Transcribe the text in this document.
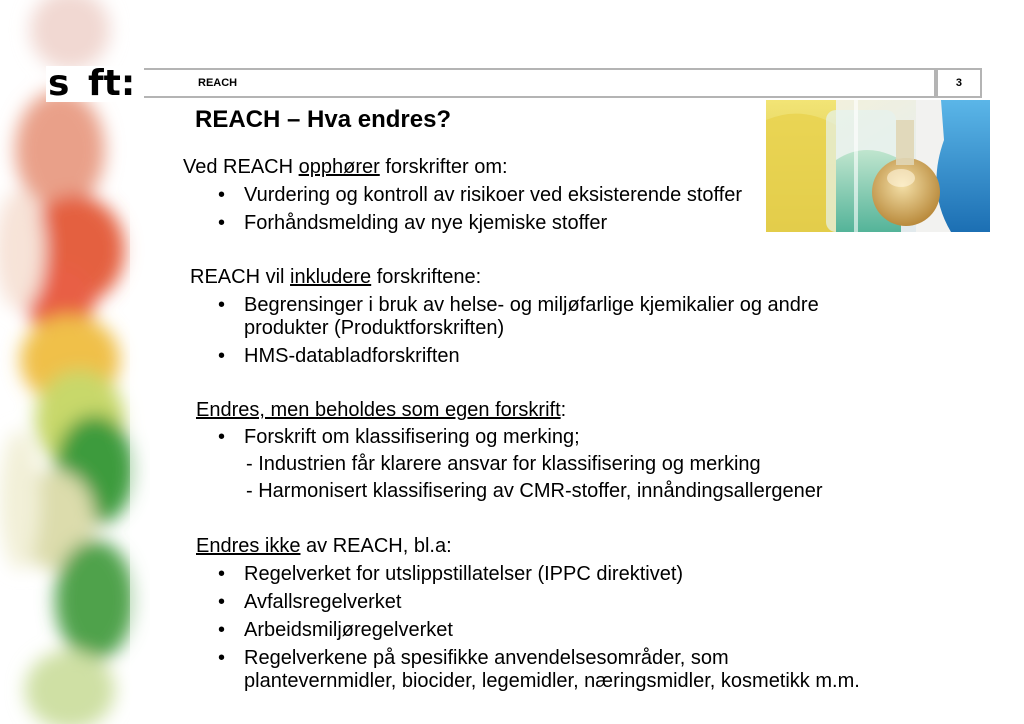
s ft:	REACH	3
REACH – Hva endres?
Ved REACH opphører forskrifter om:
• Vurdering og kontroll av risikoer ved eksisterende stoffer
• Forhåndsmelding av nye kjemiske stoffer
REACH vil inkludere forskriftene:
• Begrensinger i bruk av helse- og miljøfarlige kjemikalier og andre
produkter (Produktforskriften)
• HMS-databladforskriften
Endres, men beholdes som egen forskrift:
• Forskrift om klassifisering og merking;
- Industrien får klarere ansvar for klassifisering og merking
- Harmonisert klassifisering av CMR-stoffer, innåndingsallergener
Endres ikke av REACH, bl.a:
• Regelverket for utslippstillatelser (IPPC direktivet)
• Avfallsregelverket
• Arbeidsmiljøregelverket
• Regelverkene på spesifikke anvendelsesområder, som
plantevernmidler, biocider, legemidler, næringsmidler, kosmetikk m.m.
